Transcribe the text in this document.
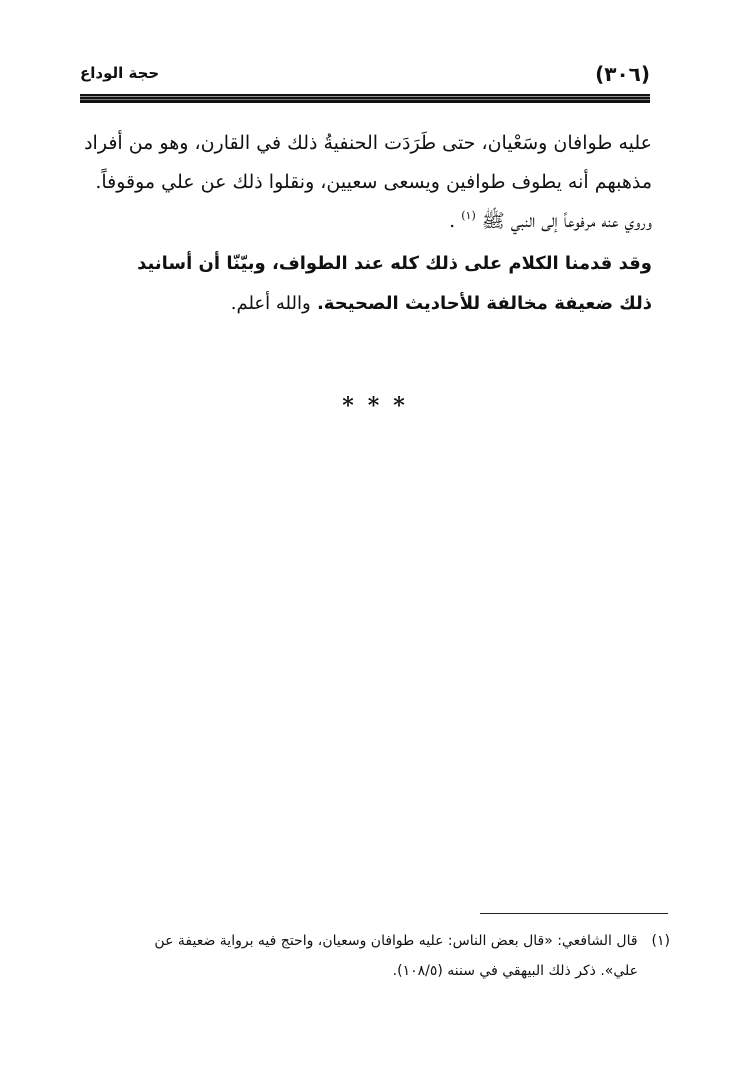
(٣٠٦)
حجة الوداع
عليه طوافان وسَعْيان، حتى طَرَدَت الحنفيةُ ذلك في القارن، وهو من أفراد
مذهبهم أنه يطوف طوافين ويسعى سعيين، ونقلوا ذلك عن علي موقوفاً.
وروي عنه مرفوعاً إلى النبي ﷺ $^{(١)}$ .
وقد قدمنا الكلام على ذلك كله عند الطواف، وبيّنّا أن أسانيد
ذلك ضعيفة مخالفة للأحاديث الصحيحة. والله أعلم.
***
(١)قال الشافعي: «قال بعض الناس: عليه طوافان وسعيان، واحتج فيه برواية ضعيفة عن
علي». ذكر ذلك البيهقي في سننه (١٠٨/٥).
